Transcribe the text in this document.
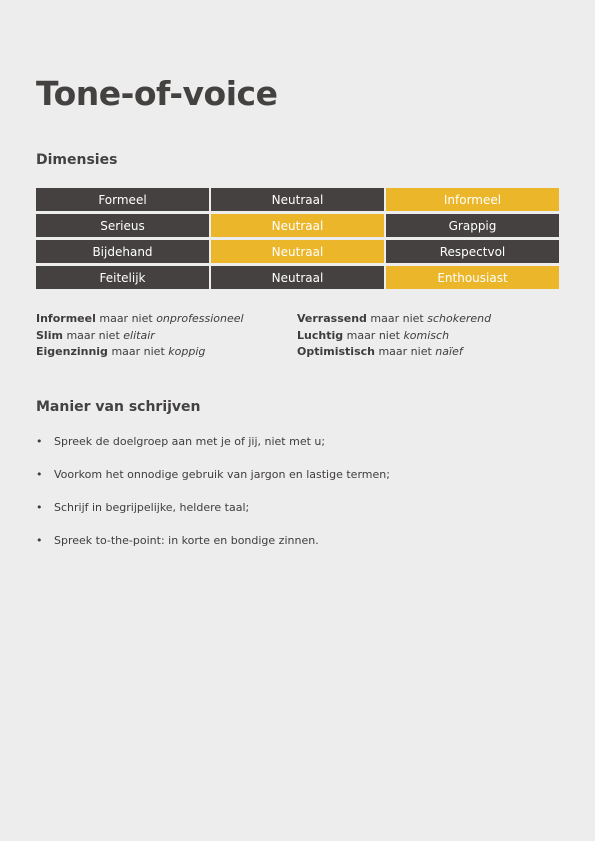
Tone-of-voice
Dimensies
Formeel	Neutraal	Informeel
Serieus	Neutraal	Grappig
Bijdehand	Neutraal	Respectvol
Feitelijk	Neutraal	Enthousiast
Informeel maar niet onprofessioneel	Verrassend maar niet schokerend
Slim maar niet elitair	Luchtig maar niet komisch
Eigenzinnig maar niet koppig	Optimistisch maar niet naïef
Manier van schrijven
• Spreek de doelgroep aan met je of jij, niet met u;
• Voorkom het onnodige gebruik van jargon en lastige termen;
• Schrijf in begrijpelijke, heldere taal;
• Spreek to-the-point: in korte en bondige zinnen.
